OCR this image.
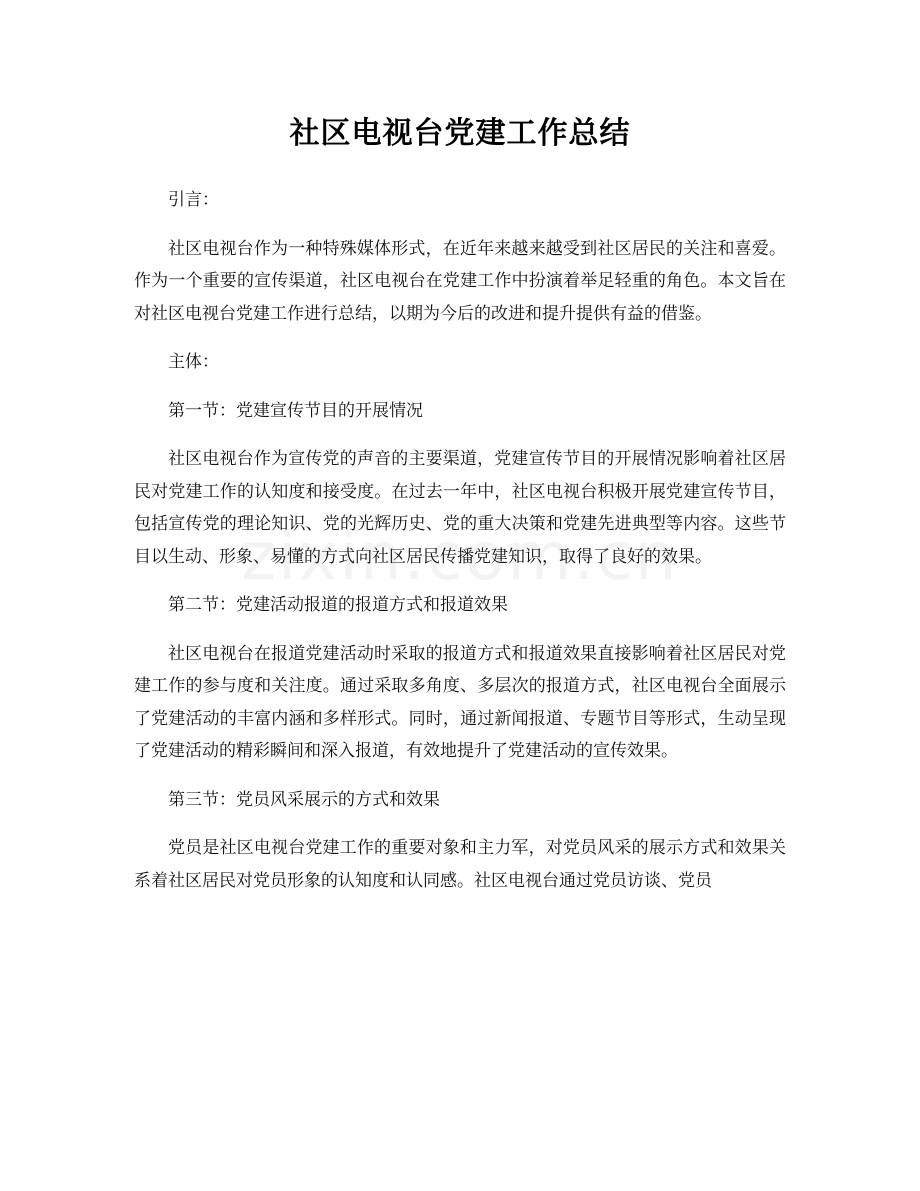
社区电视台党建工作总结

引言：

社区电视台作为一种特殊媒体形式，在近年来越来越受到社区居民的关注和喜爱。作为一个重要的宣传渠道，社区电视台在党建工作中扮演着举足轻重的角色。本文旨在对社区电视台党建工作进行总结，以期为今后的改进和提升提供有益的借鉴。

主体：

第一节：党建宣传节目的开展情况

社区电视台作为宣传党的声音的主要渠道，党建宣传节目的开展情况影响着社区居民对党建工作的认知度和接受度。在过去一年中，社区电视台积极开展党建宣传节目，包括宣传党的理论知识、党的光辉历史、党的重大决策和党建先进典型等内容。这些节目以生动、形象、易懂的方式向社区居民传播党建知识，取得了良好的效果。

第二节：党建活动报道的报道方式和报道效果

社区电视台在报道党建活动时采取的报道方式和报道效果直接影响着社区居民对党建工作的参与度和关注度。通过采取多角度、多层次的报道方式，社区电视台全面展示了党建活动的丰富内涵和多样形式。同时，通过新闻报道、专题节目等形式，生动呈现了党建活动的精彩瞬间和深入报道，有效地提升了党建活动的宣传效果。

第三节：党员风采展示的方式和效果

党员是社区电视台党建工作的重要对象和主力军，对党员风采的展示方式和效果关系着社区居民对党员形象的认知度和认同感。社区电视台通过党员访谈、党员
